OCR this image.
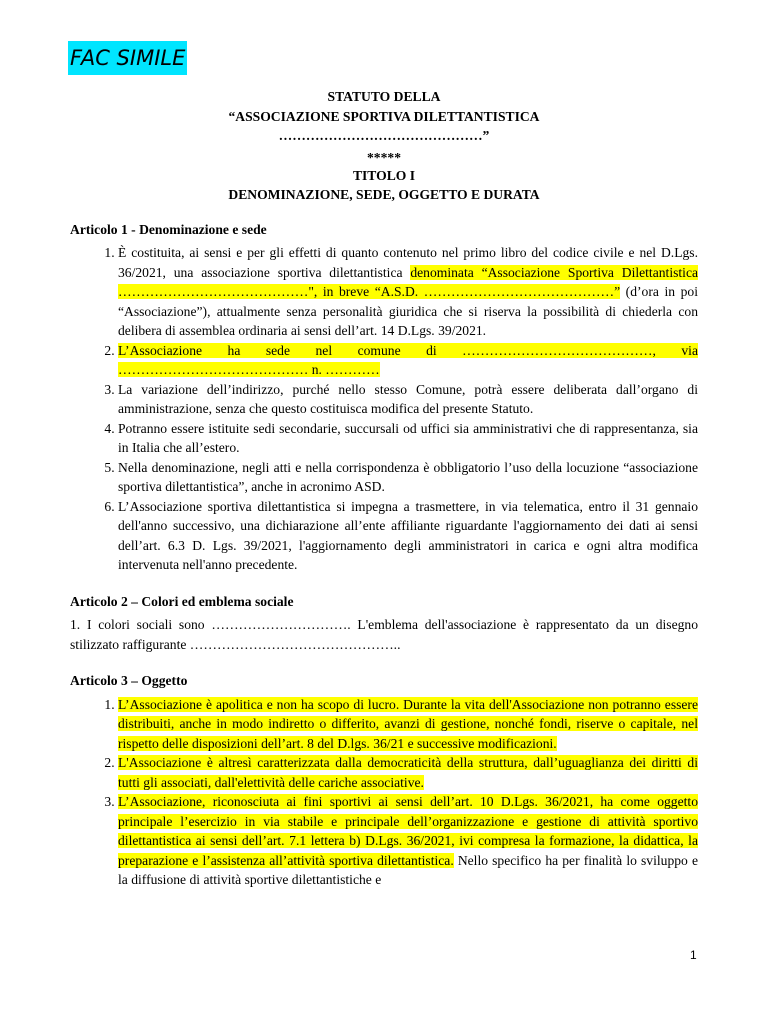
FAC SIMILE
STATUTO DELLA
“ASSOCIAZIONE SPORTIVA DILETTANTISTICA
………………………………………”
*****
TITOLO I
DENOMINAZIONE, SEDE, OGGETTO E DURATA
Articolo 1 - Denominazione e sede
1. È costituita, ai sensi e per gli effetti di quanto contenuto nel primo libro del codice civile e nel D.Lgs. 36/2021, una associazione sportiva dilettantistica denominata “Associazione Sportiva Dilettantistica ……………………………………", in breve “A.S.D. ……………………………………” (d’ora in poi “Associazione”), attualmente senza personalità giuridica che si riserva la possibilità di chiederla con delibera di assemblea ordinaria ai sensi dell’art. 14 D.Lgs. 39/2021.
2. L’Associazione ha sede nel comune di ……………………………………, via …………………………………… n. …………
3. La variazione dell’indirizzo, purché nello stesso Comune, potrà essere deliberata dall’organo di amministrazione, senza che questo costituisca modifica del presente Statuto.
4. Potranno essere istituite sedi secondarie, succursali od uffici sia amministrativi che di rappresentanza, sia in Italia che all’estero.
5. Nella denominazione, negli atti e nella corrispondenza è obbligatorio l’uso della locuzione “associazione sportiva dilettantistica”, anche in acronimo ASD.
6. L’Associazione sportiva dilettantistica si impegna a trasmettere, in via telematica, entro il 31 gennaio dell'anno successivo, una dichiarazione all’ente affiliante riguardante l'aggiornamento dei dati ai sensi dell’art. 6.3 D. Lgs. 39/2021, l'aggiornamento degli amministratori in carica e ogni altra modifica intervenuta nell'anno precedente.
Articolo 2 – Colori ed emblema sociale
1. I colori sociali sono …………………………. L'emblema dell'associazione è rappresentato da un disegno stilizzato raffigurante ………………………………………..
Articolo 3 – Oggetto
1. L’Associazione è apolitica e non ha scopo di lucro. Durante la vita dell'Associazione non potranno essere distribuiti, anche in modo indiretto o differito, avanzi di gestione, nonché fondi, riserve o capitale, nel rispetto delle disposizioni dell’art. 8 del D.lgs. 36/21 e successive modificazioni.
2. L'Associazione è altresì caratterizzata dalla democraticità della struttura, dall’uguaglianza dei diritti di tutti gli associati, dall'elettività delle cariche associative.
3. L’Associazione, riconosciuta ai fini sportivi ai sensi dell’art. 10 D.Lgs. 36/2021, ha come oggetto principale l’esercizio in via stabile e principale dell’organizzazione e gestione di attività sportivo dilettantistica ai sensi dell’art. 7.1 lettera b) D.Lgs. 36/2021, ivi compresa la formazione, la didattica, la preparazione e l’assistenza all’attività sportiva dilettantistica. Nello specifico ha per finalità lo sviluppo e la diffusione di attività sportive dilettantistiche e
1
